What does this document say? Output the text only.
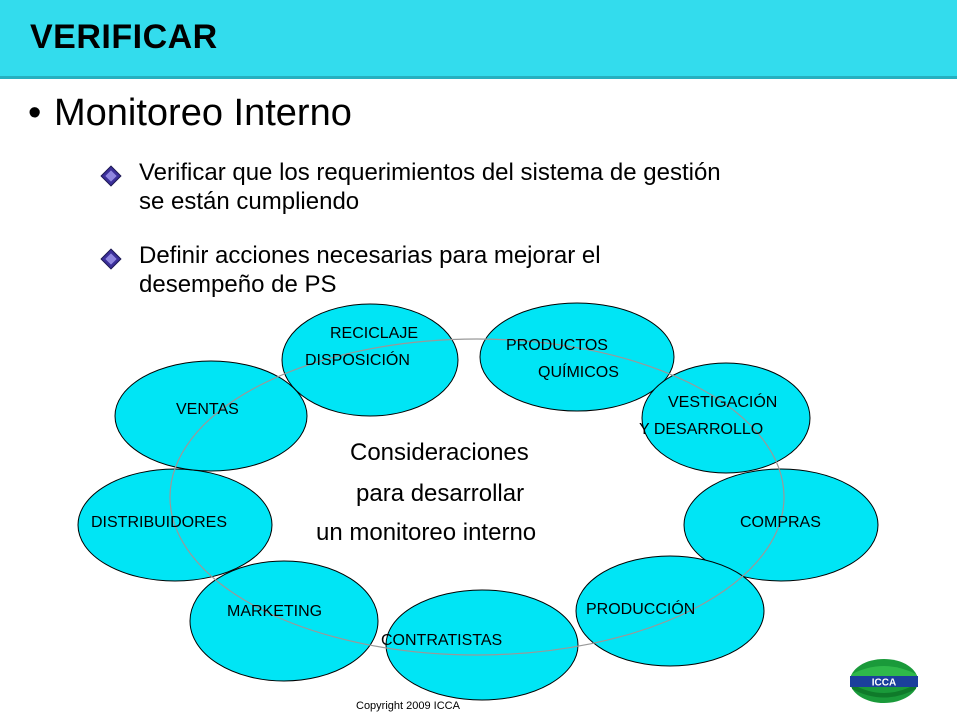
VERIFICAR
• Monitoreo Interno
Verificar que los requerimientos del sistema de gestión
se están cumpliendo
Definir acciones necesarias para mejorar el
desempeño de PS
RECICLAJE
DISPOSICIÓN
PRODUCTOS
QUÍMICOS
VESTIGACIÓN
Y DESARROLLO
COMPRAS
PRODUCCIÓN
CONTRATISTAS
MARKETING
DISTRIBUIDORES
VENTAS
Consideraciones
para desarrollar
un monitoreo interno
Copyright 2009 ICCA
ICCA
